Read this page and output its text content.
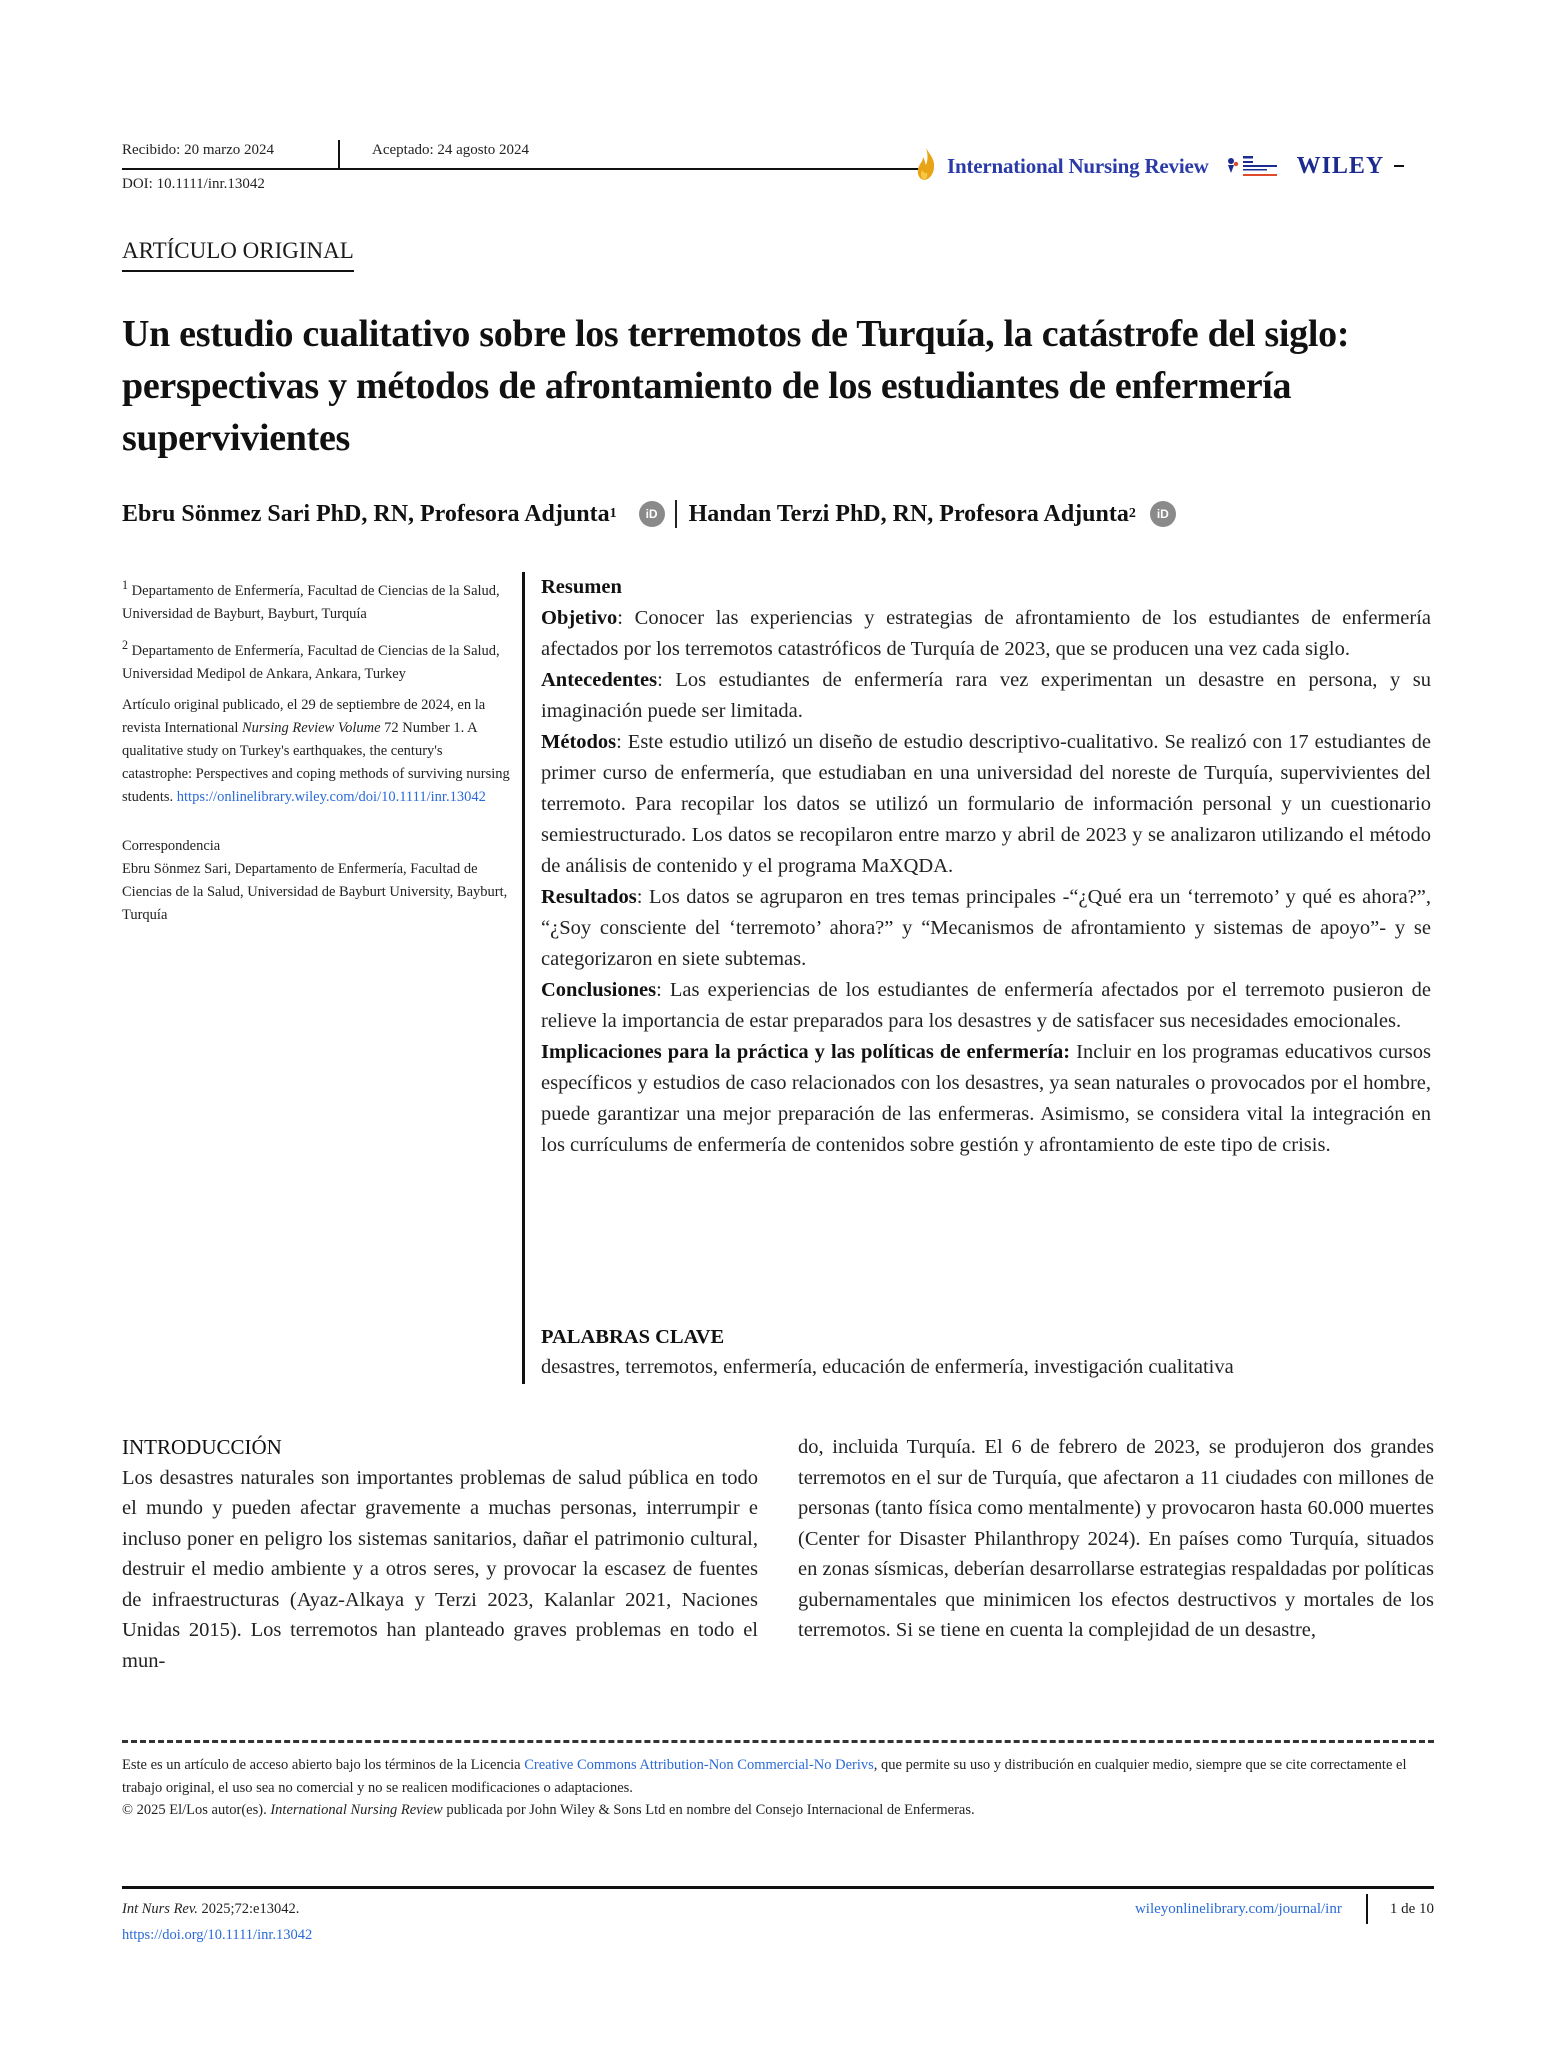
Recibido: 20 marzo 2024	Aceptado: 24 agosto 2024
DOI: 10.1111/inr.13042
International Nursing Review	WILEY
ARTÍCULO ORIGINAL
Un estudio cualitativo sobre los terremotos de Turquía, la catástrofe del siglo: perspectivas y métodos de afrontamiento de los estudiantes de enfermería supervivientes
Ebru Sönmez Sari PhD, RN, Profesora Adjunta 1	iD Handan Terzi PhD, RN, Profesora Adjunta 2	iD

$^1$ Departamento de Enfermería, Facultad de Ciencias de la Salud, Universidad de Bayburt, Bayburt, Turquía

$^2$ Departamento de Enfermería, Facultad de Ciencias de la Salud, Universidad Medipol de Ankara, Ankara, Turkey

Artículo original publicado, el 29 de septiembre de 2024, en la revista International Nursing Review Volume 72 Number 1. A qualitative study on Turkey's earthquakes, the century's catastrophe: Perspectives and coping methods of surviving nursing students. https://onlinelibrary.wiley.com/doi/10.1111/inr.13042

Correspondencia
Ebru Sönmez Sari, Departamento de Enfermería, Facultad de Ciencias de la Salud, Universidad de Bayburt University, Bayburt, Turquía
Resumen
Objetivo: Conocer las experiencias y estrategias de afrontamiento de los estudiantes de enfermería afectados por los terremotos catastróficos de Turquía de 2023, que se producen una vez cada siglo.
Antecedentes: Los estudiantes de enfermería rara vez experimentan un desastre en persona, y su imaginación puede ser limitada.
Métodos: Este estudio utilizó un diseño de estudio descriptivo-cualitativo. Se realizó con 17 estudiantes de primer curso de enfermería, que estudiaban en una universidad del noreste de Turquía, supervivientes del terremoto. Para recopilar los datos se utilizó un formulario de información personal y un cuestionario semiestructurado. Los datos se recopilaron entre marzo y abril de 2023 y se analizaron utilizando el método de análisis de contenido y el programa MaXQDA.
Resultados: Los datos se agruparon en tres temas principales -“¿Qué era un ‘terremoto’ y qué es ahora?”, “¿Soy consciente del ‘terremoto’ ahora?” y “Mecanismos de afrontamiento y sistemas de apoyo”- y se categorizaron en siete subtemas.
Conclusiones: Las experiencias de los estudiantes de enfermería afectados por el terremoto pusieron de relieve la importancia de estar preparados para los desastres y de satisfacer sus necesidades emocionales.
Implicaciones para la práctica y las políticas de enfermería: Incluir en los programas educativos cursos específicos y estudios de caso relacionados con los desastres, ya sean naturales o provocados por el hombre, puede garantizar una mejor preparación de las enfermeras. Asimismo, se considera vital la integración en los currículums de enfermería de contenidos sobre gestión y afrontamiento de este tipo de crisis.
PALABRAS CLAVE
desastres, terremotos, enfermería, educación de enfermería, investigación cualitativa
INTRODUCCIÓN

Los desastres naturales son importantes problemas de salud pública en todo el mundo y pueden afectar gravemente a muchas personas, interrumpir e incluso poner en peligro los sistemas sanitarios, dañar el patrimonio cultural, destruir el medio ambiente y a otros seres, y provocar la escasez de fuentes de infraestructuras (Ayaz-Alkaya y Terzi 2023, Kalanlar 2021, Naciones Unidas 2015). Los terremotos han planteado graves problemas en todo el mun-

do, incluida Turquía. El 6 de febrero de 2023, se produjeron dos grandes terremotos en el sur de Turquía, que afectaron a 11 ciudades con millones de personas (tanto física como mentalmente) y provocaron hasta 60.000 muertes (Center for Disaster Philanthropy 2024). En países como Turquía, situados en zonas sísmicas, deberían desarrollarse estrategias respaldadas por políticas gubernamentales que minimicen los efectos destructivos y mortales de los terremotos. Si se tiene en cuenta la complejidad de un desastre,

Este es un artículo de acceso abierto bajo los términos de la Licencia Creative Commons Attribution-Non Commercial-No Derivs, que permite su uso y distribución en cualquier medio, siempre que se cite correctamente el trabajo original, el uso sea no comercial y no se realicen modificaciones o adaptaciones.
© 2025 El/Los autor(es). International Nursing Review publicada por John Wiley & Sons Ltd en nombre del Consejo Internacional de Enfermeras.
Int Nurs Rev. 2025;72:e13042.
https://doi.org/10.1111/inr.13042
wileyonlinelibrary.com/journal/inr	1 de 10
